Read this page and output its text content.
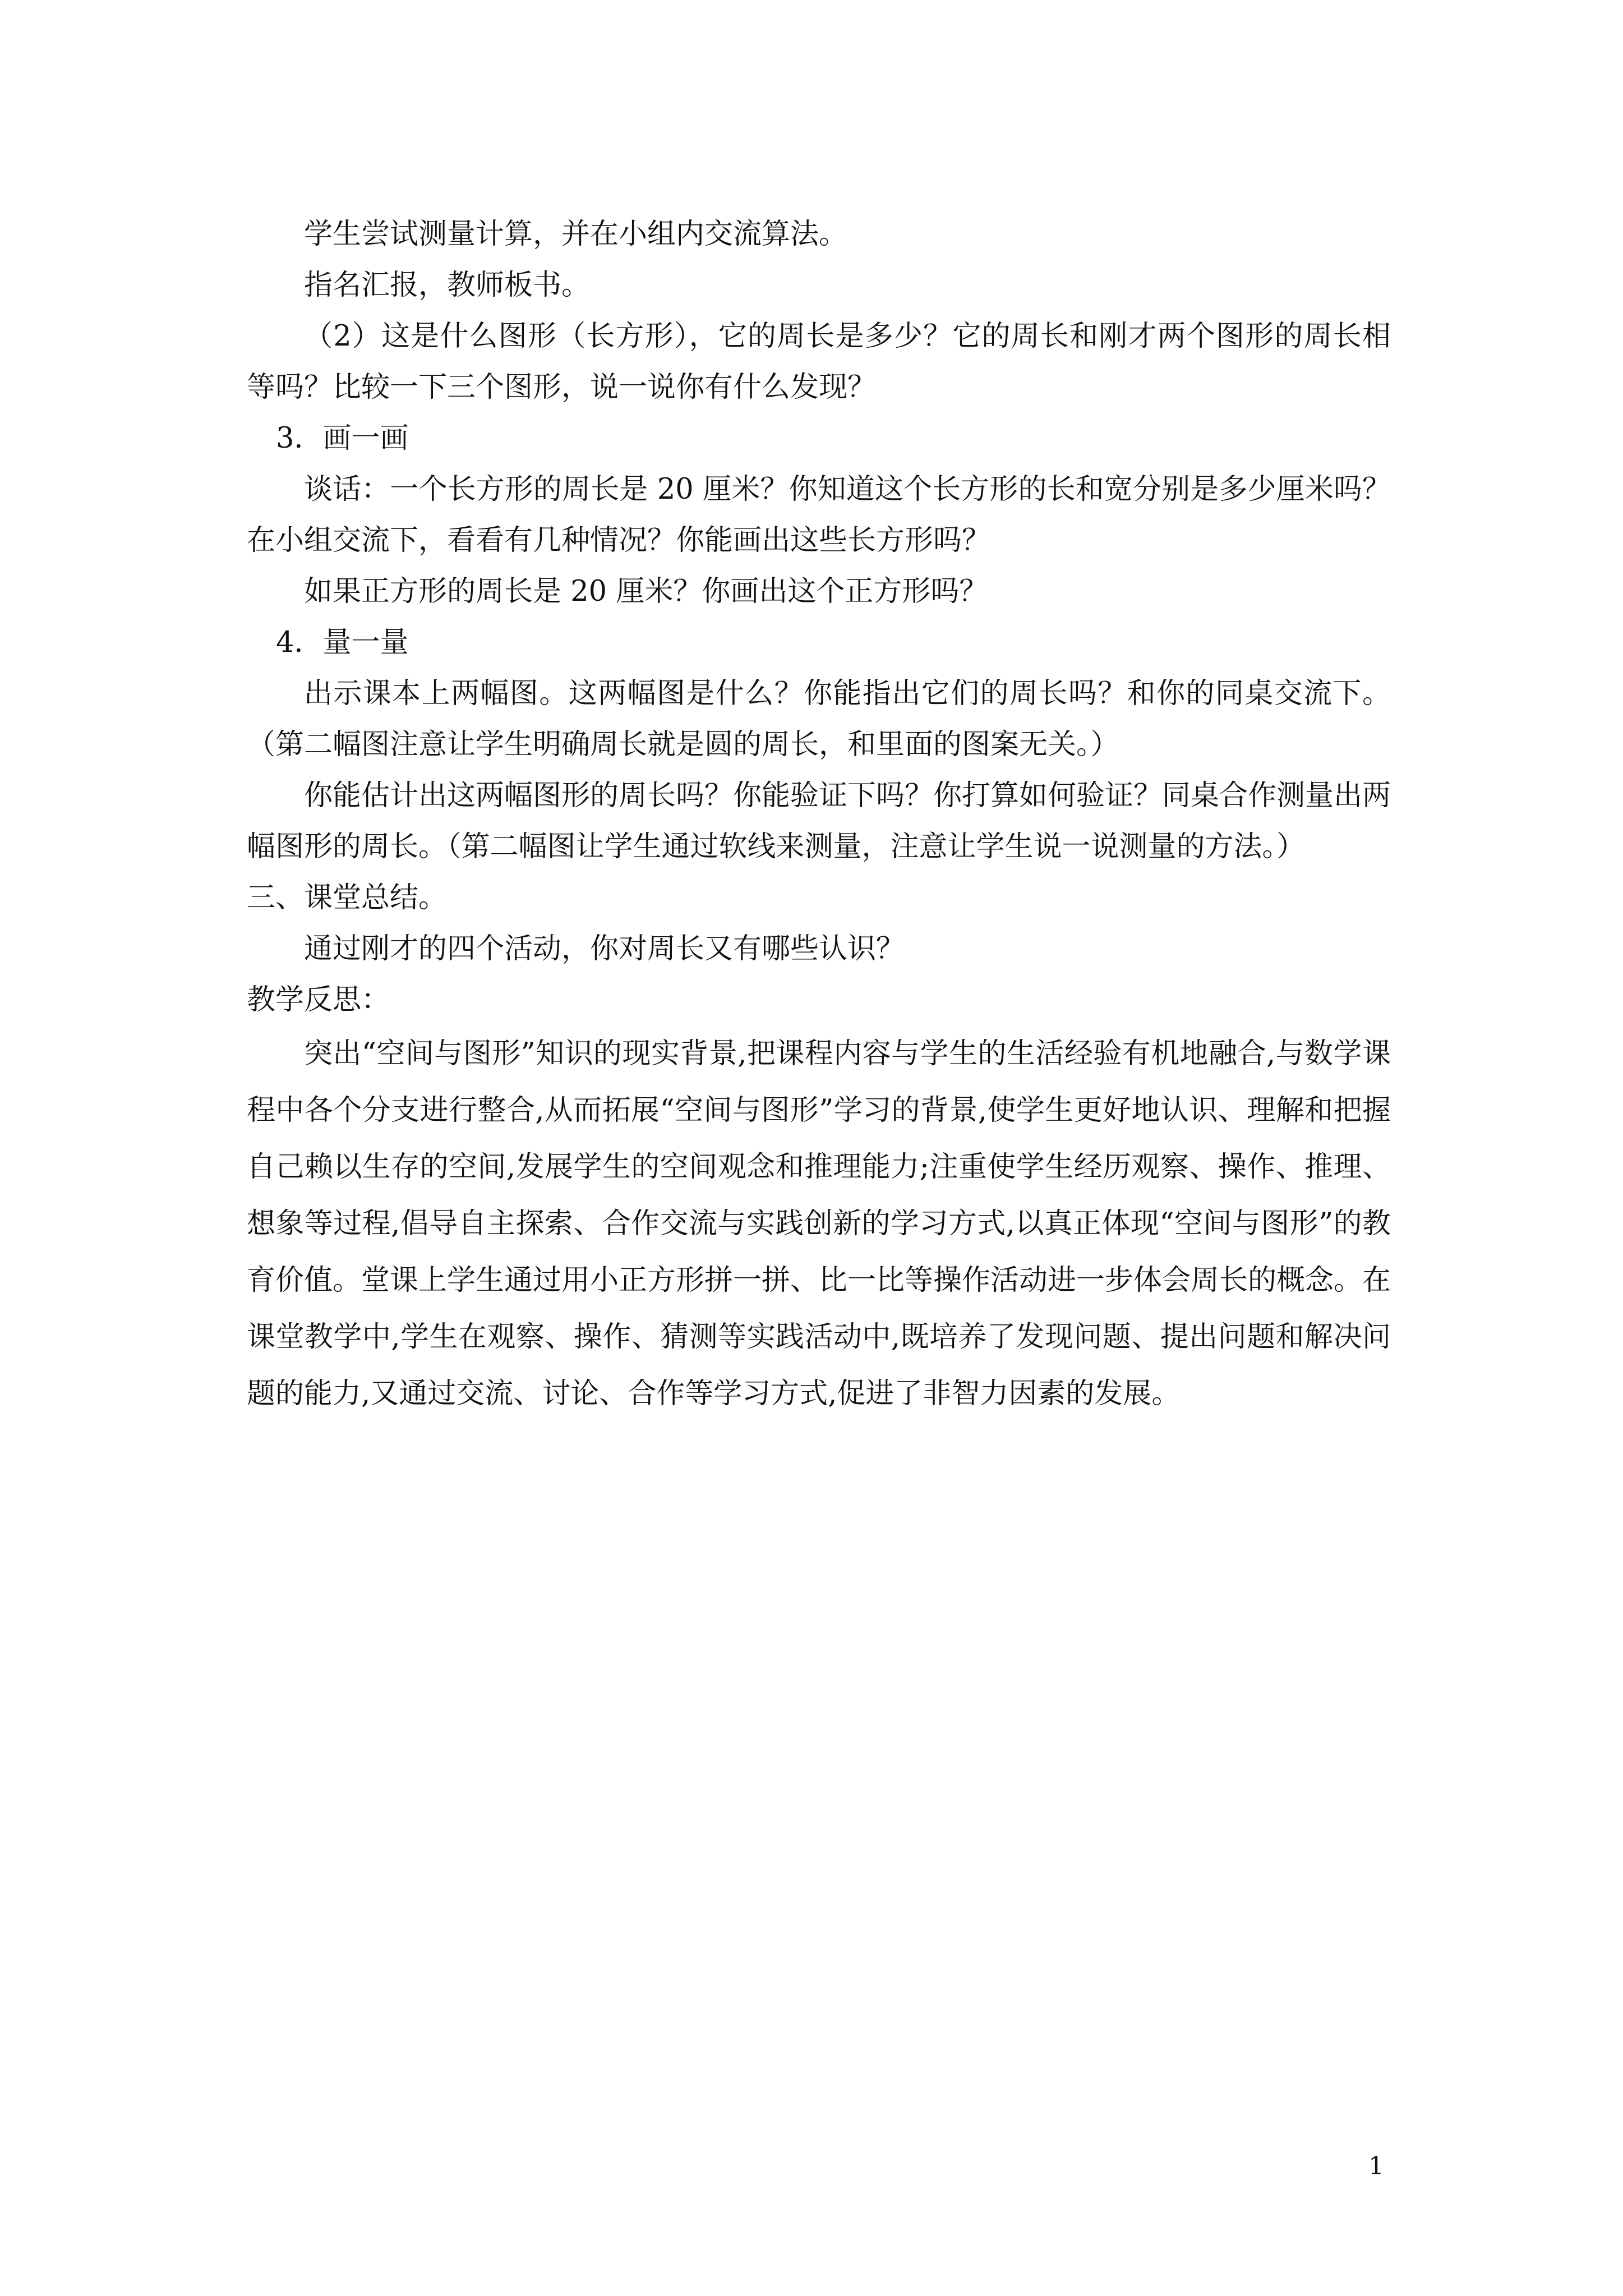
学生尝试测量计算，并在小组内交流算法。

指名汇报，教师板书。

（2）这是什么图形（长方形），它的周长是多少？它的周长和刚才两个图形的周长相等吗？比较一下三个图形，说一说你有什么发现？

3．画一画

谈话：一个长方形的周长是 20 厘米？你知道这个长方形的长和宽分别是多少厘米吗？在小组交流下，看看有几种情况？你能画出这些长方形吗？

如果正方形的周长是 20 厘米？你画出这个正方形吗？

4．量一量

出示课本上两幅图。这两幅图是什么？你能指出它们的周长吗？和你的同桌交流下。（第二幅图注意让学生明确周长就是圆的周长，和里面的图案无关。）

你能估计出这两幅图形的周长吗？你能验证下吗？你打算如何验证？同桌合作测量出两幅图形的周长。（第二幅图让学生通过软线来测量，注意让学生说一说测量的方法。）

三、课堂总结。

通过刚才的四个活动，你对周长又有哪些认识？

教学反思：

突出“空间与图形”知识的现实背景,把课程内容与学生的生活经验有机地融合,与数学课程中各个分支进行整合,从而拓展“空间与图形”学习的背景,使学生更好地认识、理解和把握自己赖以生存的空间,发展学生的空间观念和推理能力;注重使学生经历观察、操作、推理、想象等过程,倡导自主探索、合作交流与实践创新的学习方式,以真正体现“空间与图形”的教育价值。堂课上学生通过用小正方形拼一拼、比一比等操作活动进一步体会周长的概念。在课堂教学中,学生在观察、操作、猜测等实践活动中,既培养了发现问题、提出问题和解决问题的能力,又通过交流、讨论、合作等学习方式,促进了非智力因素的发展。

1
